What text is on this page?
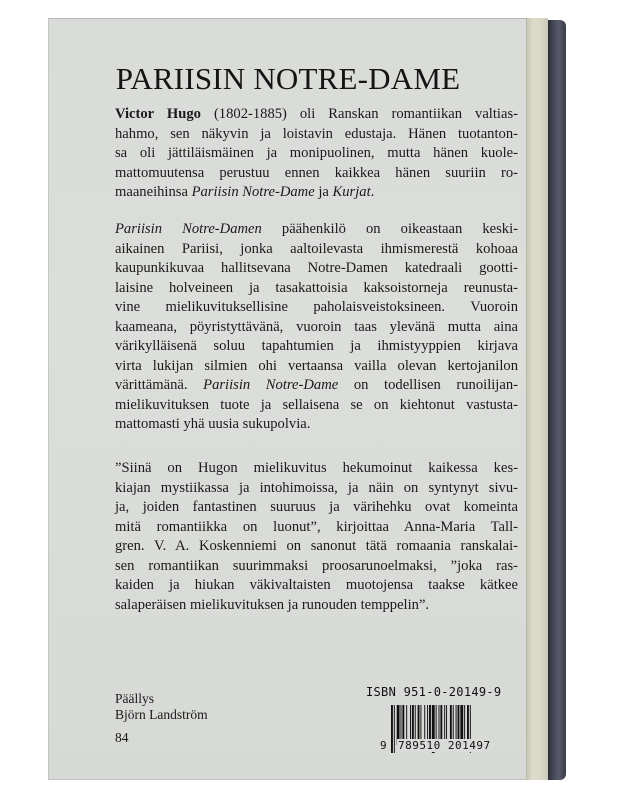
PARIISIN NOTRE-DAME
Victor Hugo (1802-1885) oli Ranskan romantiikan valtias-
hahmo, sen näkyvin ja loistavin edustaja. Hänen tuotanton-
sa oli jättiläismäinen ja monipuolinen, mutta hänen kuole-
mattomuutensa perustuu ennen kaikkea hänen suuriin ro-
maaneihinsa Pariisin Notre-Dame ja Kurjat.
Pariisin Notre-Damen päähenkilö on oikeastaan keski-
aikainen Pariisi, jonka aaltoilevasta ihmismerestä kohoaa
kaupunkikuvaa hallitsevana Notre-Damen katedraali gootti-
laisine holveineen ja tasakattoisia kaksoistorneja reunusta-
vine mielikuvituksellisine paholaisveistoksineen. Vuoroin
kaameana, pöyristyttävänä, vuoroin taas ylevänä mutta aina
värikylläisenä soluu tapahtumien ja ihmistyyppien kirjava
virta lukijan silmien ohi vertaansa vailla olevan kertojanilon
värittämänä. Pariisin Notre-Dame on todellisen runoilijan-
mielikuvituksen tuote ja sellaisena se on kiehtonut vastusta-
mattomasti yhä uusia sukupolvia.
”Siinä on Hugon mielikuvitus hekumoinut kaikessa kes-
kiajan mystiikassa ja intohimoissa, ja näin on syntynyt sivu-
ja, joiden fantastinen suuruus ja värihehku ovat komeinta
mitä romantiikka on luonut”, kirjoittaa Anna-Maria Tall-
gren. V. A. Koskenniemi on sanonut tätä romaania ranskalai-
sen romantiikan suurimmaksi proosarunoelmaksi, ”joka ras-
kaiden ja hiukan väkivaltaisten muotojensa taakse kätkee
salaperäisen mielikuvituksen ja runouden temppelin”.
Päällys
Björn Landström
84
ISBN 951-0-20149-9
9 789510 201497
